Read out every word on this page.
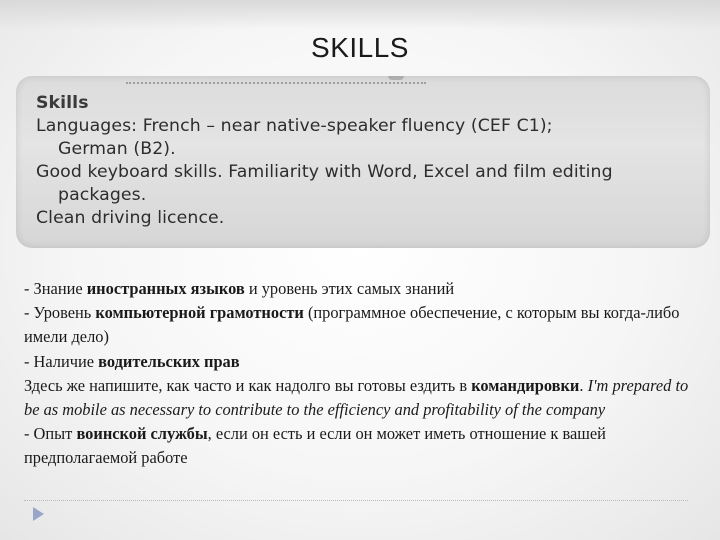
SKILLS
Skills
Languages: French – near native-speaker fluency (CEF C1);
German (B2).
Good keyboard skills. Familiarity with Word, Excel and film editing
packages.
Clean driving licence.

- Знание иностранных языков и уровень этих самых знаний

- Уровень компьютерной грамотности (программное обеспечение, с которым вы когда-либо имели дело)

- Наличие водительских прав

Здесь же напишите, как часто и как надолго вы готовы ездить в командировки. I'm prepared to be as mobile as necessary to contribute to the efficiency and profitability of the company

- Опыт воинской службы, если он есть и если он может иметь отношение к вашей предполагаемой работе
